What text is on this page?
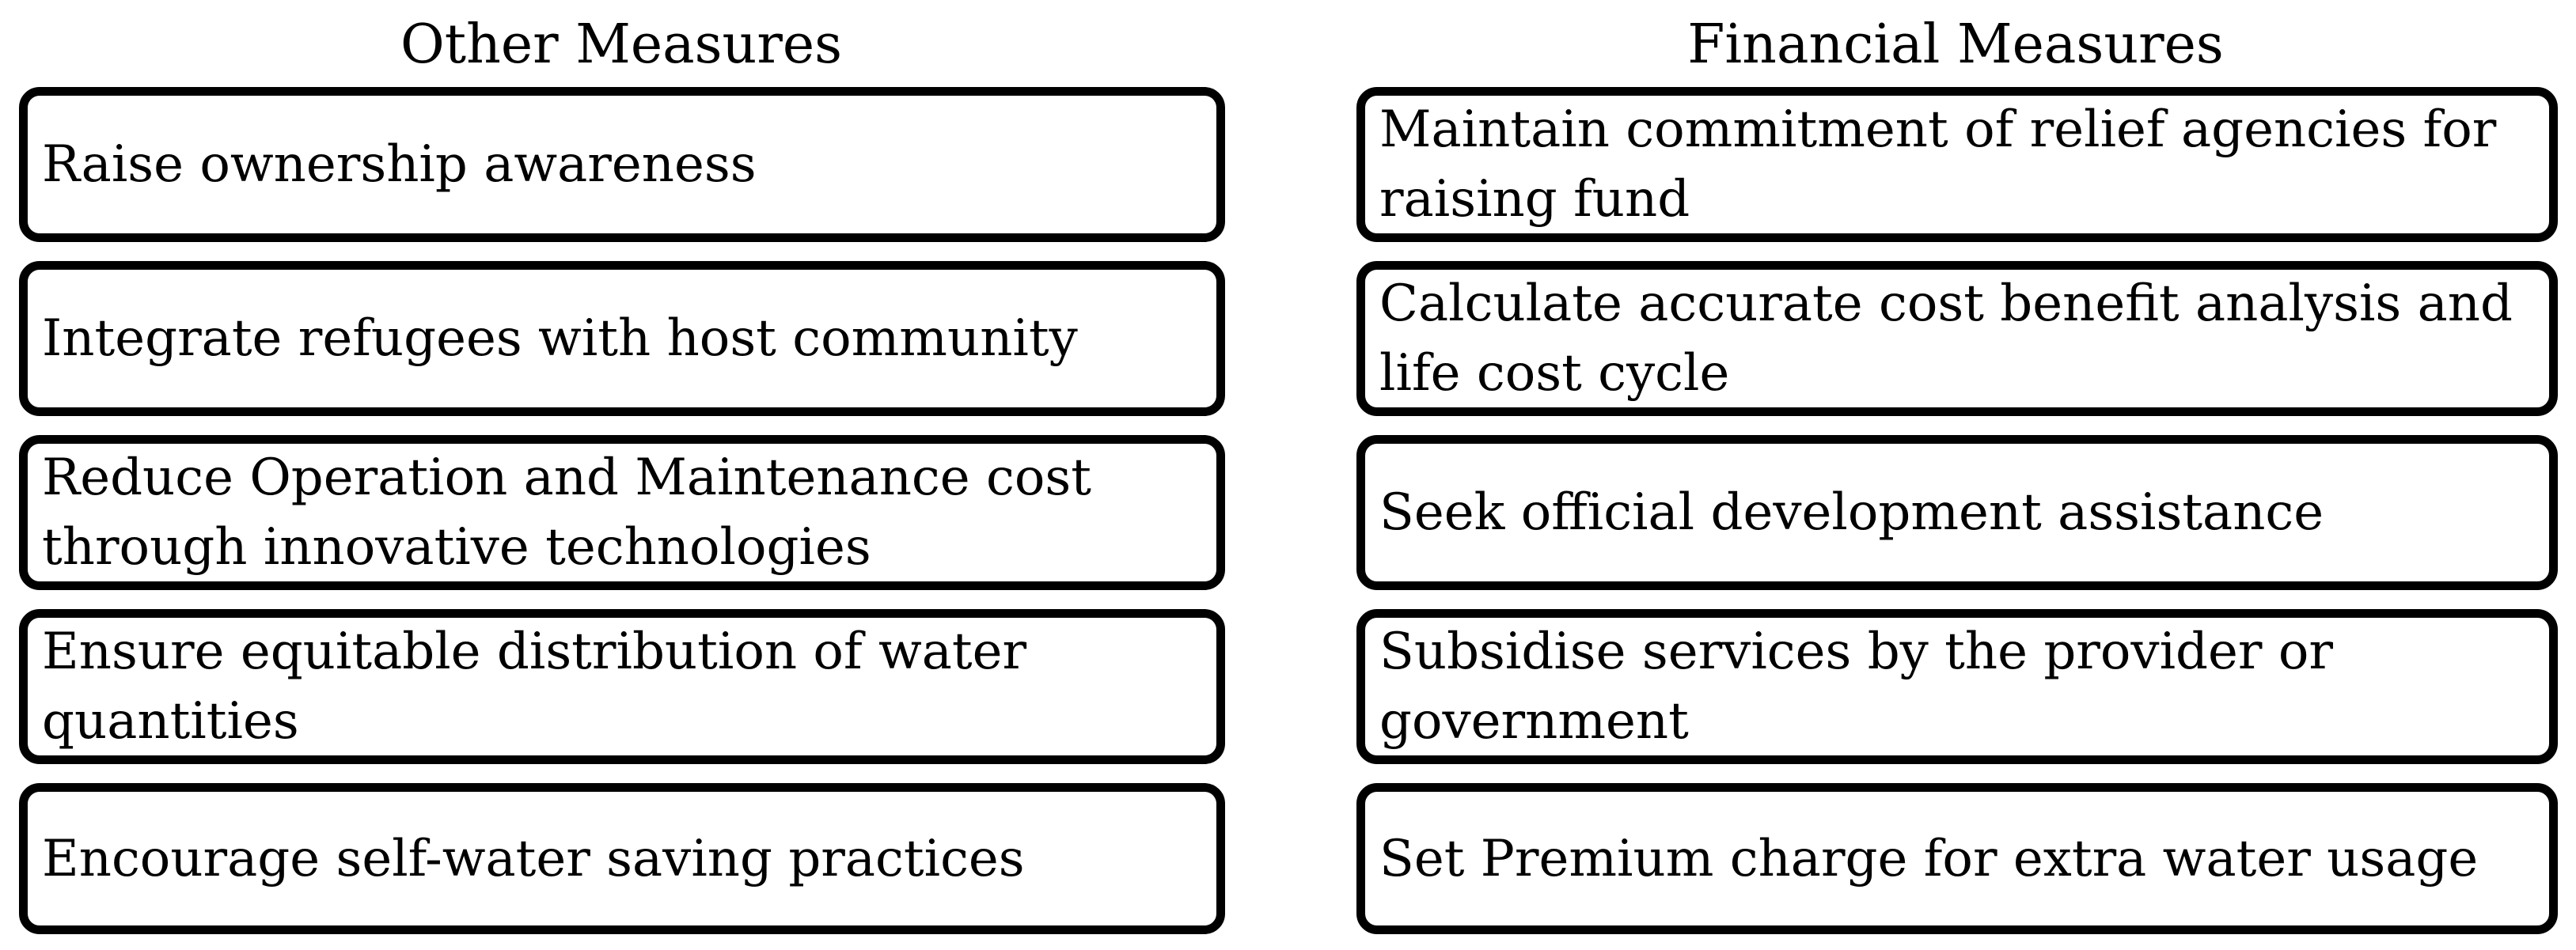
Other Measures	Financial Measures
Raise ownership awareness
Integrate refugees with host community
Reduce Operation and Maintenance cost through innovative technologies
Ensure equitable distribution of water quantities
Encourage self-water saving practices
Maintain commitment of relief agencies for raising fund
Calculate accurate cost benefit analysis and life cost cycle
Seek official development assistance
Subsidise services by the provider or government
Set Premium charge for extra water usage
